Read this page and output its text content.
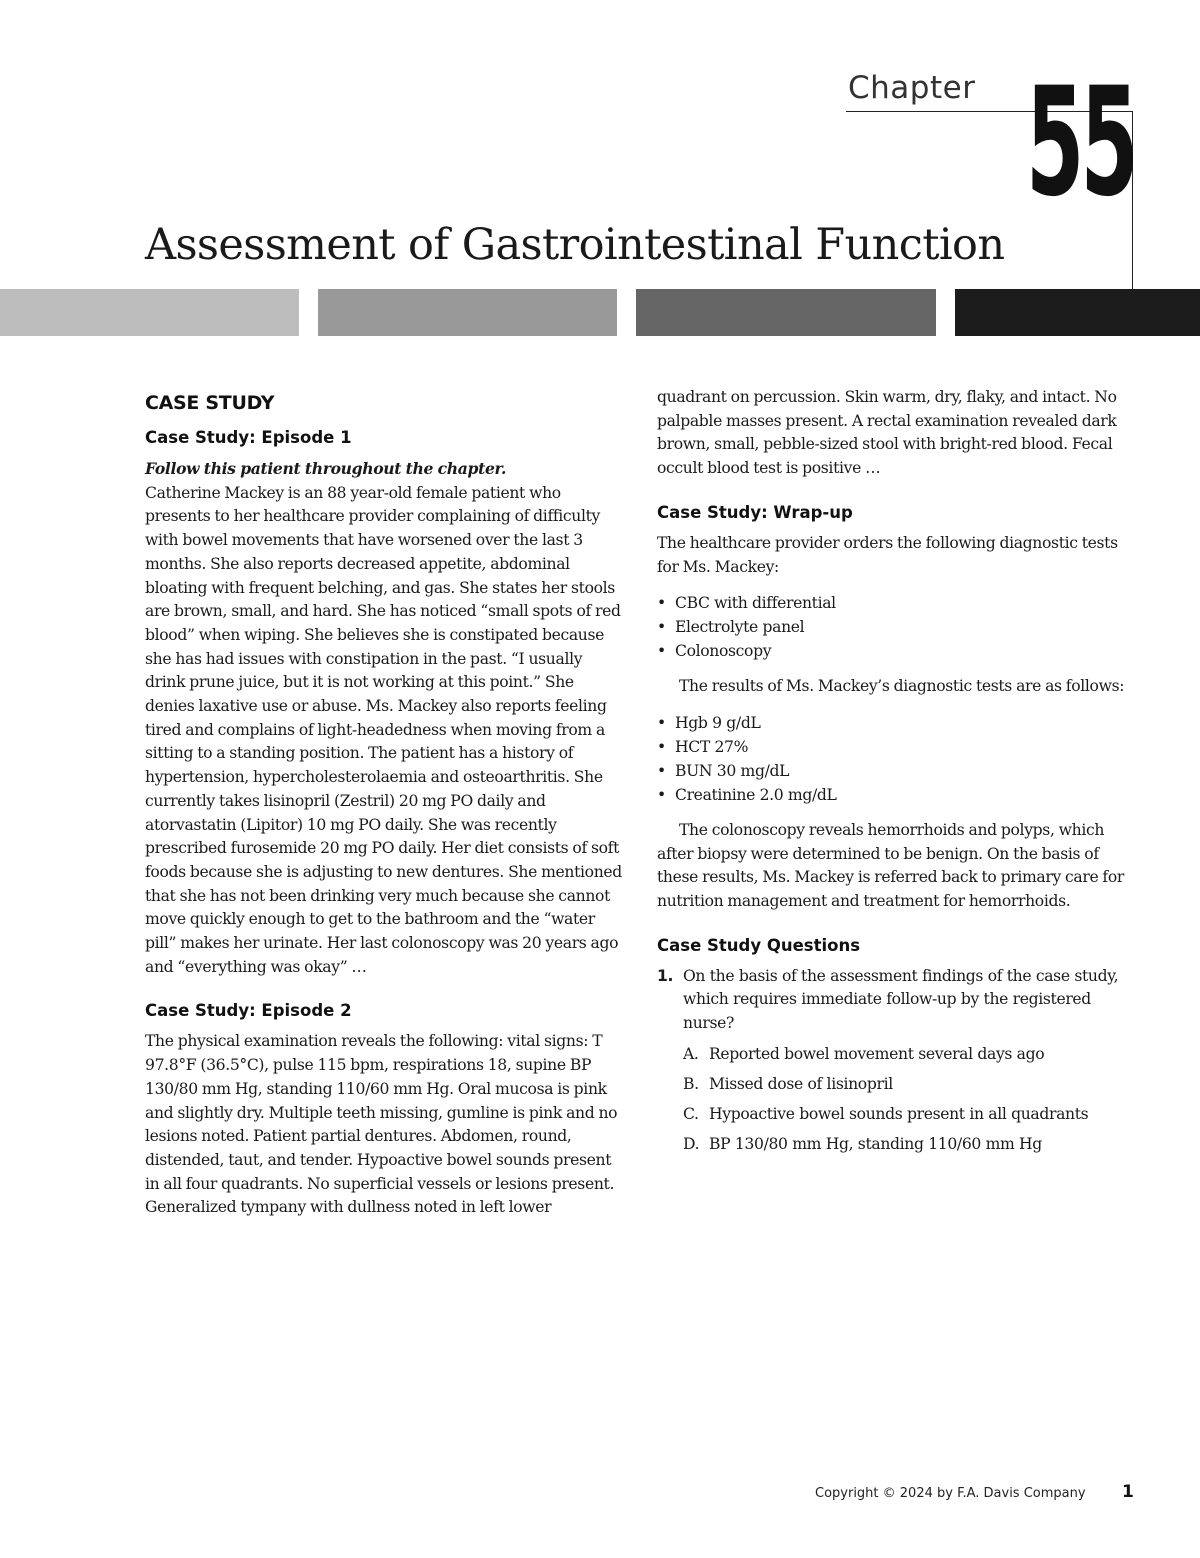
Chapter 55
Assessment of Gastrointestinal Function
CASE STUDY
Case Study: Episode 1

Follow this patient throughout the chapter.
Catherine Mackey is an 88 year-old female patient who presents to her healthcare provider complaining of difficulty with bowel movements that have worsened over the last 3 months. She also reports decreased appetite, abdominal bloating with frequent belching, and gas. She states her stools are brown, small, and hard. She has noticed “small spots of red blood” when wiping. She believes she is constipated because she has had issues with constipation in the past. “I usually drink prune juice, but it is not working at this point.” She denies laxative use or abuse. Ms. Mackey also reports feeling tired and complains of light-headedness when moving from a sitting to a standing position. The patient has a history of hypertension, hypercholesterolaemia and osteoarthritis. She currently takes lisinopril (Zestril) 20 mg PO daily and atorvastatin (Lipitor) 10 mg PO daily. She was recently prescribed furosemide 20 mg PO daily. Her diet consists of soft foods because she is adjusting to new dentures. She mentioned that she has not been drinking very much because she cannot move quickly enough to get to the bathroom and the “water pill” makes her urinate. Her last colonoscopy was 20 years ago and “everything was okay” …

Case Study: Episode 2

The physical examination reveals the following: vital signs: T 97.8°F (36.5°C), pulse 115 bpm, respirations 18, supine BP 130/80 mm Hg, standing 110/60 mm Hg. Oral mucosa is pink and slightly dry. Multiple teeth missing, gumline is pink and no lesions noted. Patient partial dentures. Abdomen, round, distended, taut, and tender. Hypoactive bowel sounds present in all four quadrants. No superficial vessels or lesions present. Generalized tympany with dullness noted in left lower

quadrant on percussion. Skin warm, dry, flaky, and intact. No palpable masses present. A rectal examination revealed dark brown, small, pebble-sized stool with bright-red blood. Fecal occult blood test is positive …

Case Study: Wrap-up

The healthcare provider orders the following diagnostic tests for Ms. Mackey:

• CBC with differential
• Electrolyte panel
• Colonoscopy

The results of Ms. Mackey’s diagnostic tests are as follows:

• Hgb 9 g/dL
• HCT 27%
• BUN 30 mg/dL
• Creatinine 2.0 mg/dL

The colonoscopy reveals hemorrhoids and polyps, which after biopsy were determined to be benign. On the basis of these results, Ms. Mackey is referred back to primary care for nutrition management and treatment for hemorrhoids.

Case Study Questions
1. On the basis of the assessment findings of the case study, which requires immediate follow-up by the registered nurse?
A. Reported bowel movement several days ago
B. Missed dose of lisinopril
C. Hypoactive bowel sounds present in all quadrants
D. BP 130/80 mm Hg, standing 110/60 mm Hg
Copyright © 2024 by F.A. Davis Company 1
